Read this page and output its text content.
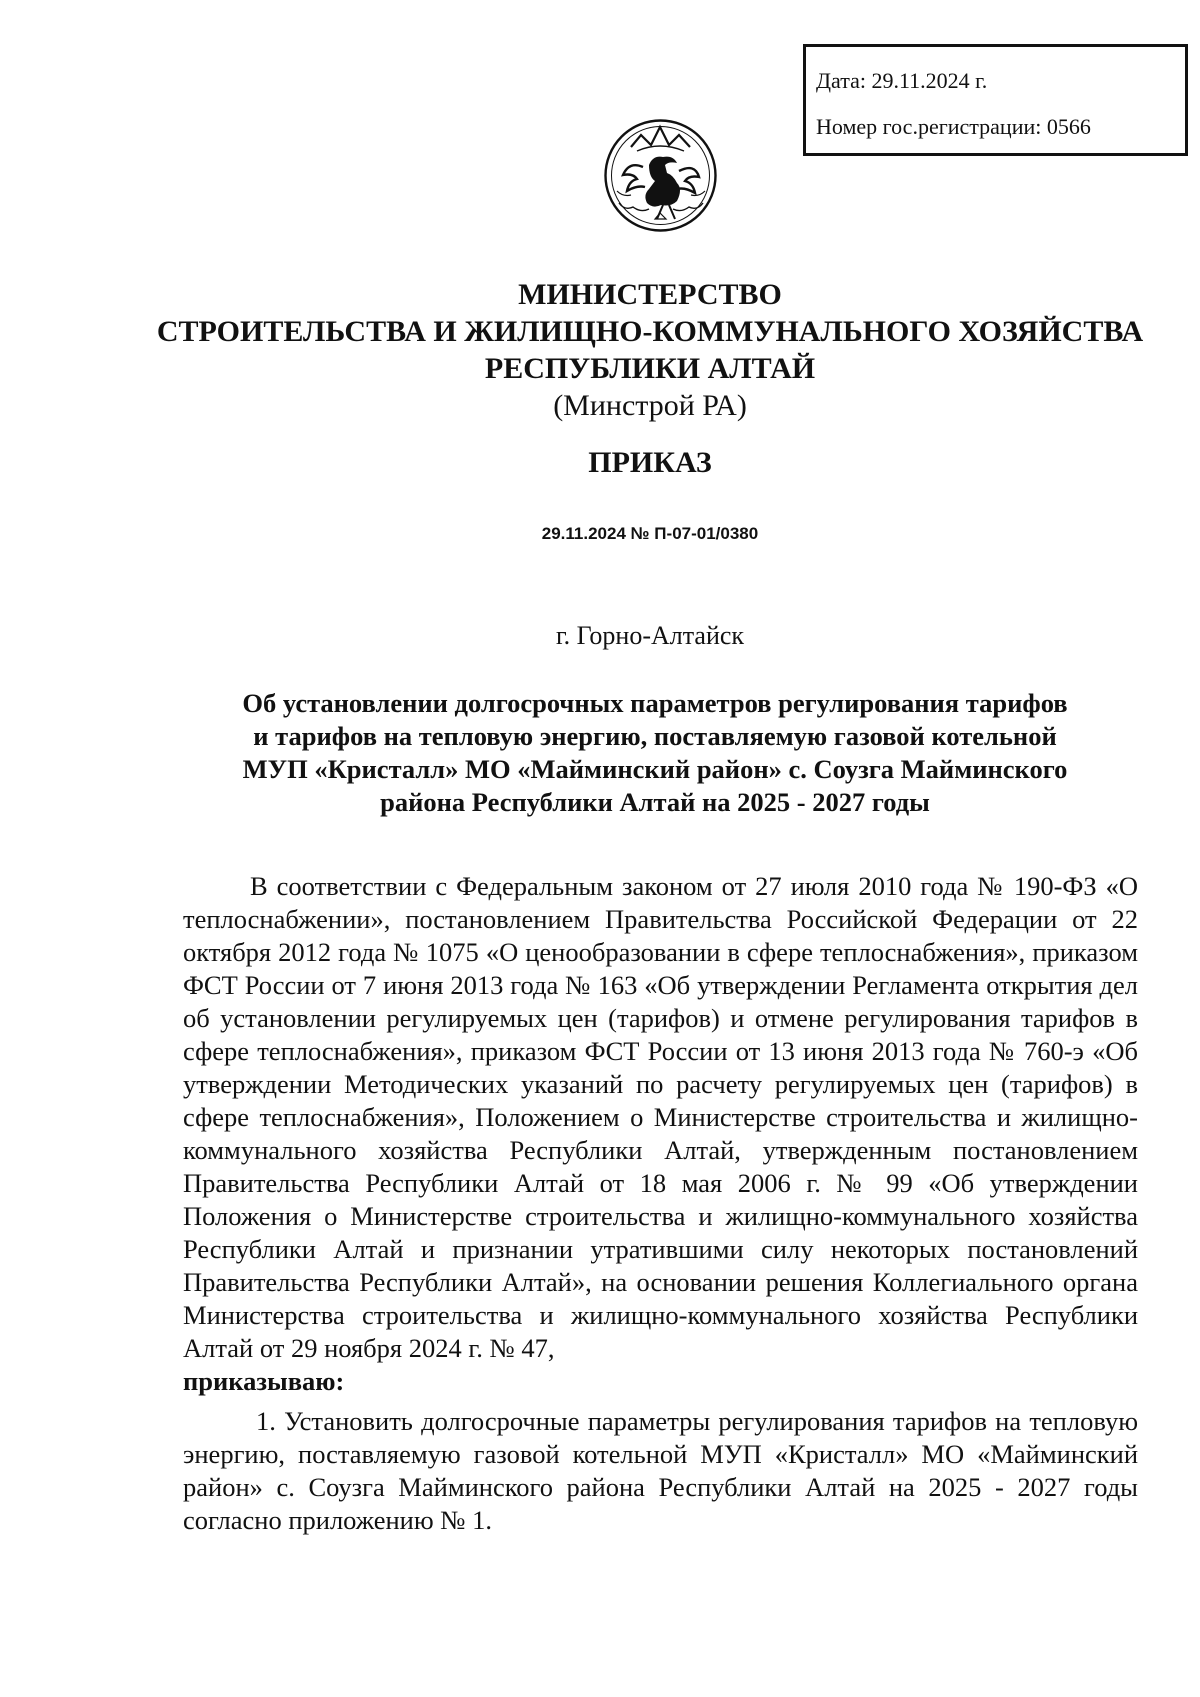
Дата: 29.11.2024 г.
Номер гос.регистрации: 0566
МИНИСТЕРСТВО
СТРОИТЕЛЬСТВА И ЖИЛИЩНО-КОММУНАЛЬНОГО ХОЗЯЙСТВА
РЕСПУБЛИКИ АЛТАЙ
(Минстрой РА)
ПРИКАЗ
29.11.2024 № П-07-01/0380
г. Горно-Алтайск
Об установлении долгосрочных параметров регулирования тарифов
и тарифов на тепловую энергию, поставляемую газовой котельной
МУП «Кристалл» МО «Майминский район» с. Соузга Майминского
района Республики Алтай на 2025 - 2027 годы
В соответствии с Федеральным законом от 27 июля 2010 года № 190-ФЗ «О теплоснабжении», постановлением Правительства Российской Федерации от 22 октября 2012 года № 1075 «О ценообразовании в сфере теплоснабжения», приказом ФСТ России от 7 июня 2013 года № 163 «Об утверждении Регламента открытия дел об установлении регулируемых цен (тарифов) и отмене регулирования тарифов в сфере теплоснабжения», приказом ФСТ России от 13 июня 2013 года № 760-э «Об утверждении Методических указаний по расчету регулируемых цен (тарифов) в сфере теплоснабжения», Положением о Министерстве строительства и жилищно-коммунального хозяйства Республики Алтай, утвержденным постановлением Правительства Республики Алтай от 18 мая 2006 г. № 99 «Об утверждении Положения о Министерстве строительства и жилищно-коммунального хозяйства Республики Алтай и признании утратившими силу некоторых постановлений Правительства Республики Алтай», на основании решения Коллегиального органа Министерства строительства и жилищно-коммунального хозяйства Республики Алтай от 29 ноября 2024 г. № 47,
приказываю:
1. Установить долгосрочные параметры регулирования тарифов на тепловую энергию, поставляемую газовой котельной МУП «Кристалл» МО «Майминский район» с. Соузга Майминского района Республики Алтай на 2025 - 2027 годы согласно приложению № 1.
